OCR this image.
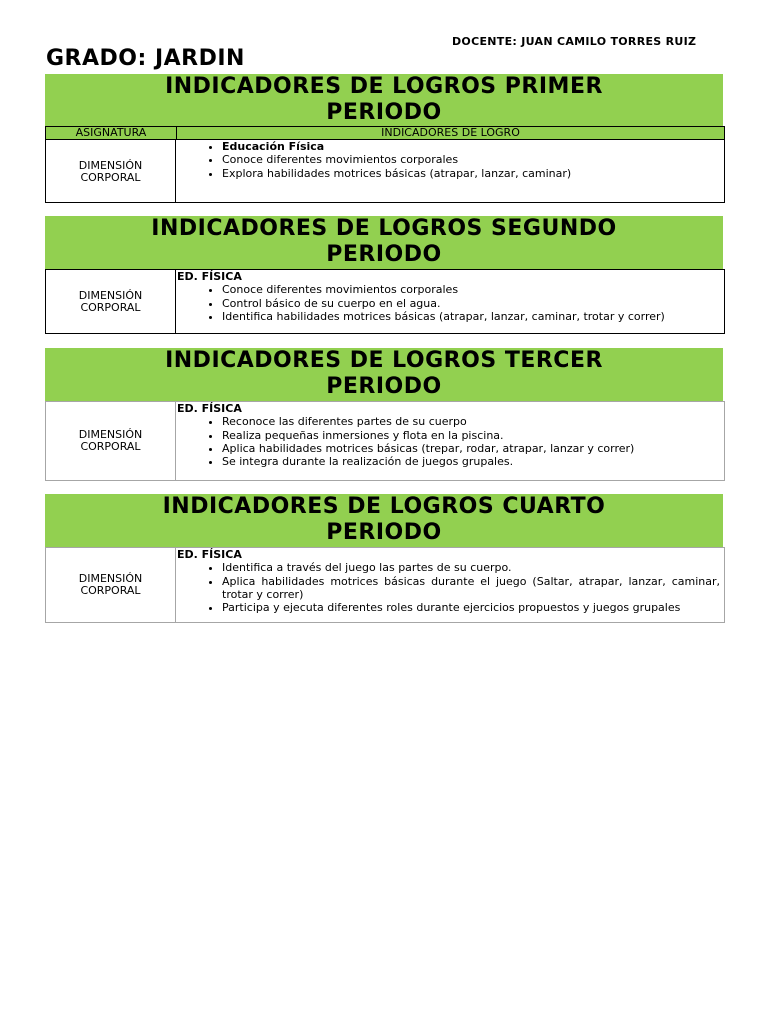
DOCENTE: JUAN CAMILO TORRES RUIZ
GRADO: JARDIN
INDICADORES DE LOGROS PRIMER
PERIODO
ASIGNATURA	INDICADORES DE LOGRO
DIMENSIÓN
CORPORAL
• Educación Física
• Conoce diferentes movimientos corporales
• Explora habilidades motrices básicas (atrapar, lanzar, caminar)
INDICADORES DE LOGROS SEGUNDO
PERIODO
DIMENSIÓN
CORPORAL
ED. FÍSICA
• Conoce diferentes movimientos corporales
• Control básico de su cuerpo en el agua.
• Identifica habilidades motrices básicas (atrapar, lanzar, caminar, trotar y correr)
INDICADORES DE LOGROS TERCER
PERIODO
DIMENSIÓN
CORPORAL
ED. FÍSICA
• Reconoce las diferentes partes de su cuerpo
• Realiza pequeñas inmersiones y flota en la piscina.
• Aplica habilidades motrices básicas (trepar, rodar, atrapar, lanzar y correr)
• Se integra durante la realización de juegos grupales.
INDICADORES DE LOGROS CUARTO
PERIODO
DIMENSIÓN
CORPORAL
ED. FÍSICA
• Identifica a través del juego las partes de su cuerpo.
• Aplica habilidades motrices básicas durante el juego (Saltar, atrapar, lanzar, caminar, trotar y correr)
• Participa y ejecuta diferentes roles durante ejercicios propuestos y juegos grupales
